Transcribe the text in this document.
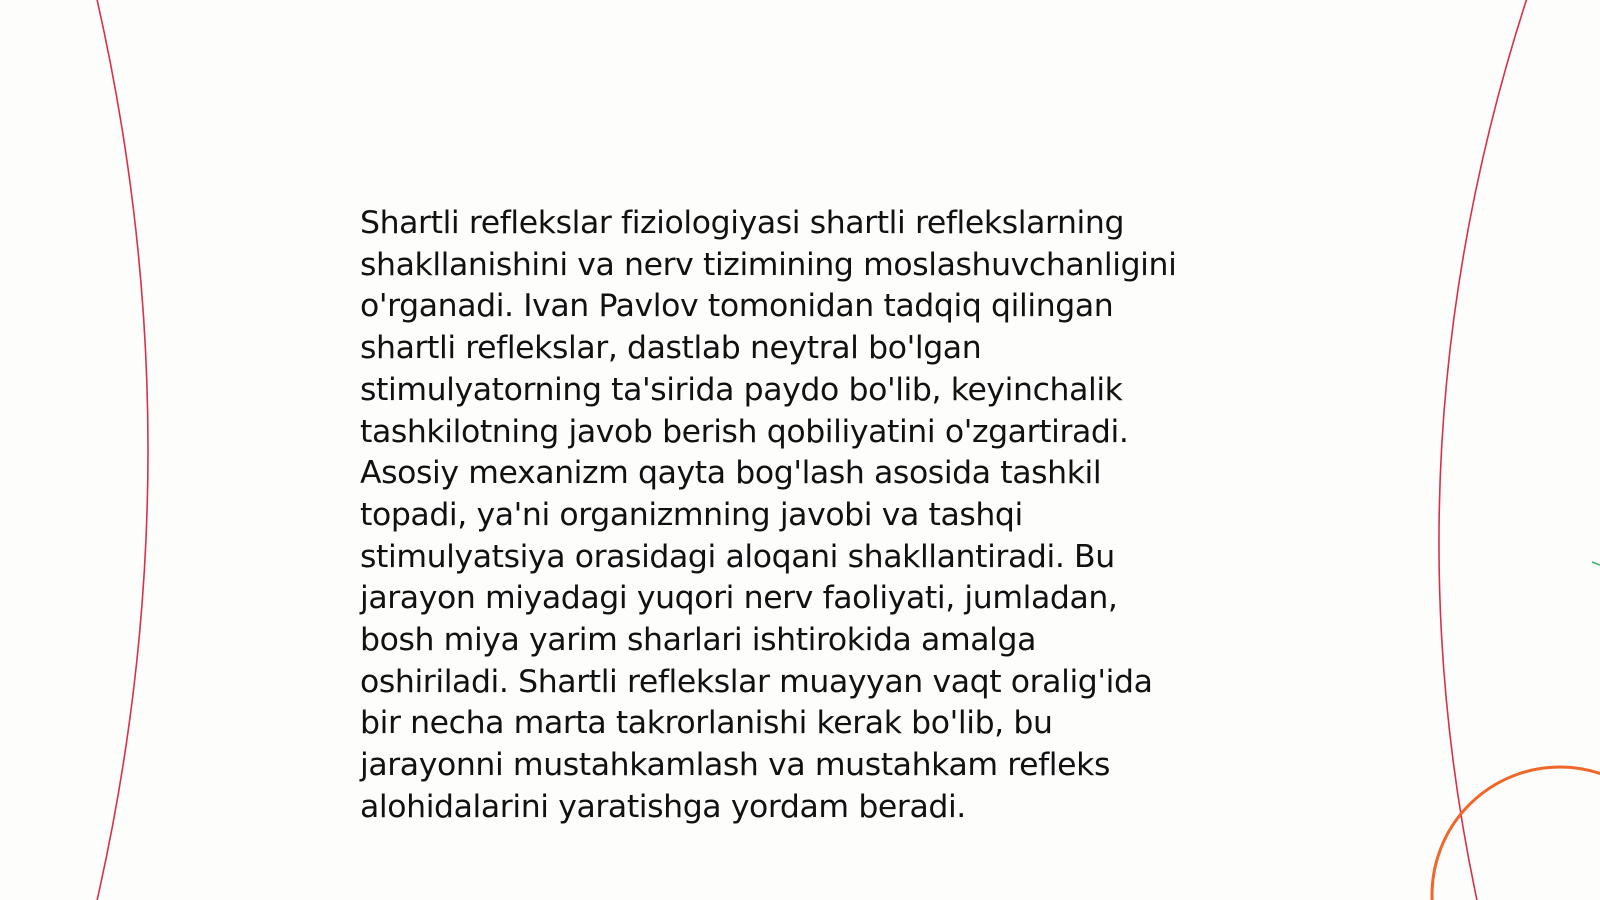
Shartli reflekslar fiziologiyasi shartli reflekslarning
shakllanishini va nerv tizimining moslashuvchanligini
o'rganadi. Ivan Pavlov tomonidan tadqiq qilingan
shartli reflekslar, dastlab neytral bo'lgan
stimulyatorning ta'sirida paydo bo'lib, keyinchalik
tashkilotning javob berish qobiliyatini o'zgartiradi.
Asosiy mexanizm qayta bog'lash asosida tashkil
topadi, ya'ni organizmning javobi va tashqi
stimulyatsiya orasidagi aloqani shakllantiradi. Bu
jarayon miyadagi yuqori nerv faoliyati, jumladan,
bosh miya yarim sharlari ishtirokida amalga
oshiriladi. Shartli reflekslar muayyan vaqt oralig'ida
bir necha marta takrorlanishi kerak bo'lib, bu
jarayonni mustahkamlash va mustahkam refleks
alohidalarini yaratishga yordam beradi.
